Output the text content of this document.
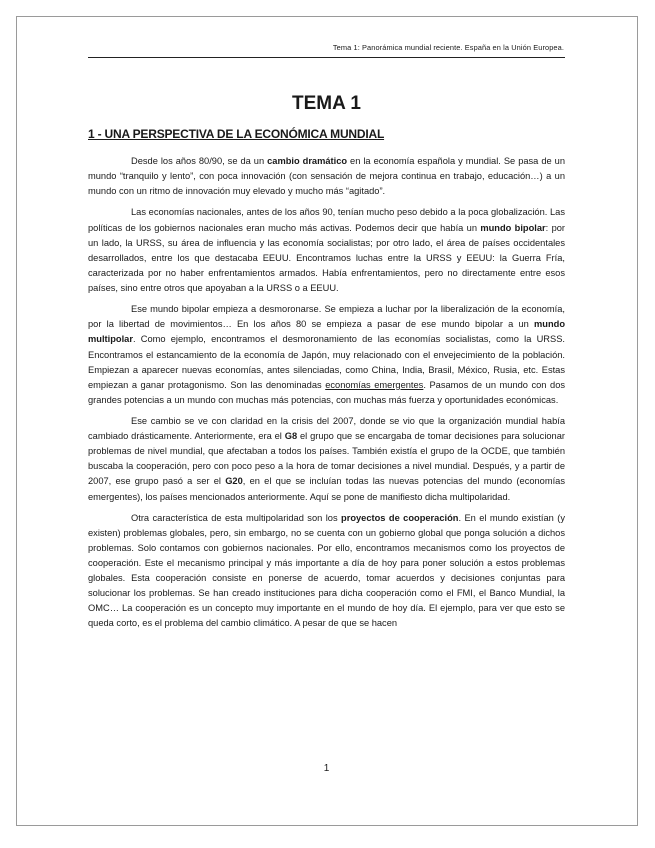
Tema 1: Panorámica mundial reciente. España en la Unión Europea.
TEMA 1
1 - UNA PERSPECTIVA DE LA ECONÓMICA MUNDIAL

Desde los años 80/90, se da un cambio dramático en la economía española y mundial. Se pasa de un mundo “tranquilo y lento”, con poca innovación (con sensación de mejora continua en trabajo, educación…) a un mundo con un ritmo de innovación muy elevado y mucho más “agitado”.

Las economías nacionales, antes de los años 90, tenían mucho peso debido a la poca globalización. Las políticas de los gobiernos nacionales eran mucho más activas. Podemos decir que había un mundo bipolar: por un lado, la URSS, su área de influencia y las economía socialistas; por otro lado, el área de países occidentales desarrollados, entre los que destacaba EEUU. Encontramos luchas entre la URSS y EEUU: la Guerra Fría, caracterizada por no haber enfrentamientos armados. Había enfrentamientos, pero no directamente entre esos países, sino entre otros que apoyaban a la URSS o a EEUU.

Ese mundo bipolar empieza a desmoronarse. Se empieza a luchar por la liberalización de la economía, por la libertad de movimientos… En los años 80 se empieza a pasar de ese mundo bipolar a un mundo multipolar. Como ejemplo, encontramos el desmoronamiento de las economías socialistas, como la URSS. Encontramos el estancamiento de la economía de Japón, muy relacionado con el envejecimiento de la población. Empiezan a aparecer nuevas economías, antes silenciadas, como China, India, Brasil, México, Rusia, etc. Estas empiezan a ganar protagonismo. Son las denominadas economías emergentes. Pasamos de un mundo con dos grandes potencias a un mundo con muchas más potencias, con muchas más fuerza y oportunidades económicas.

Ese cambio se ve con claridad en la crisis del 2007, donde se vio que la organización mundial había cambiado drásticamente. Anteriormente, era el G8 el grupo que se encargaba de tomar decisiones para solucionar problemas de nivel mundial, que afectaban a todos los países. También existía el grupo de la OCDE, que también buscaba la cooperación, pero con poco peso a la hora de tomar decisiones a nivel mundial. Después, y a partir de 2007, ese grupo pasó a ser el G20, en el que se incluían todas las nuevas potencias del mundo (economías emergentes), los países mencionados anteriormente. Aquí se pone de manifiesto dicha multipolaridad.

Otra característica de esta multipolaridad son los proyectos de cooperación. En el mundo existían (y existen) problemas globales, pero, sin embargo, no se cuenta con un gobierno global que ponga solución a dichos problemas. Solo contamos con gobiernos nacionales. Por ello, encontramos mecanismos como los proyectos de cooperación. Este el mecanismo principal y más importante a día de hoy para poner solución a estos problemas globales. Esta cooperación consiste en ponerse de acuerdo, tomar acuerdos y decisiones conjuntas para solucionar los problemas. Se han creado instituciones para dicha cooperación como el FMI, el Banco Mundial, la OMC… La cooperación es un concepto muy importante en el mundo de hoy día. El ejemplo, para ver que esto se queda corto, es el problema del cambio climático. A pesar de que se hacen

1
